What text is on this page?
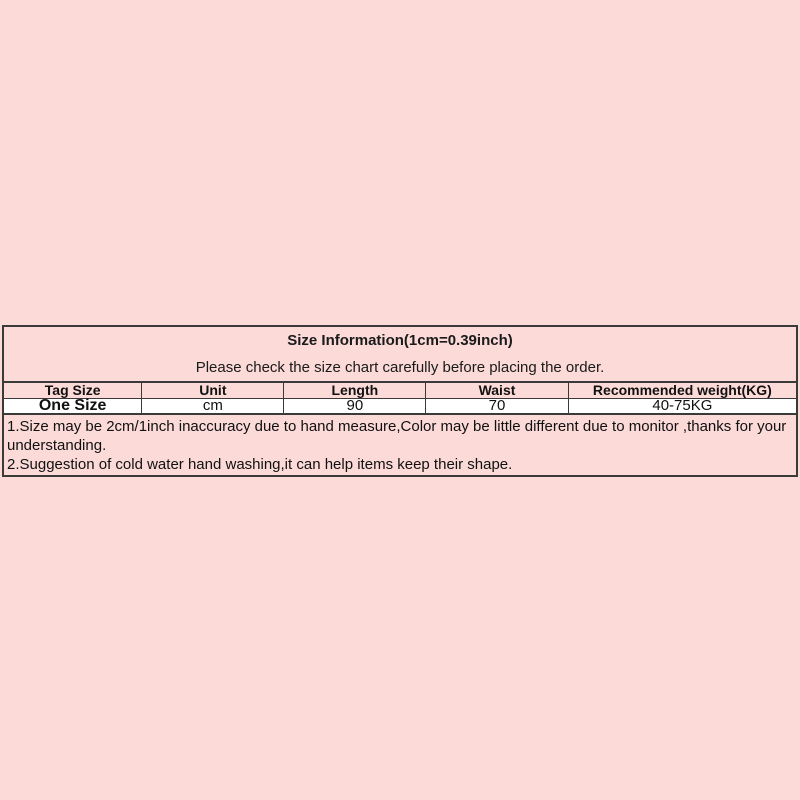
Size Information(1cm=0.39inch)
Please check the size chart carefully before placing the order.
Tag Size	Unit	Length	Waist	Recommended weight(KG)
One Size	cm	90	70	40-75KG
1.Size may be 2cm/1inch inaccuracy due to hand measure,Color may be little different due to monitor ,thanks for your understanding.
2.Suggestion of cold water hand washing,it can help items keep their shape.
